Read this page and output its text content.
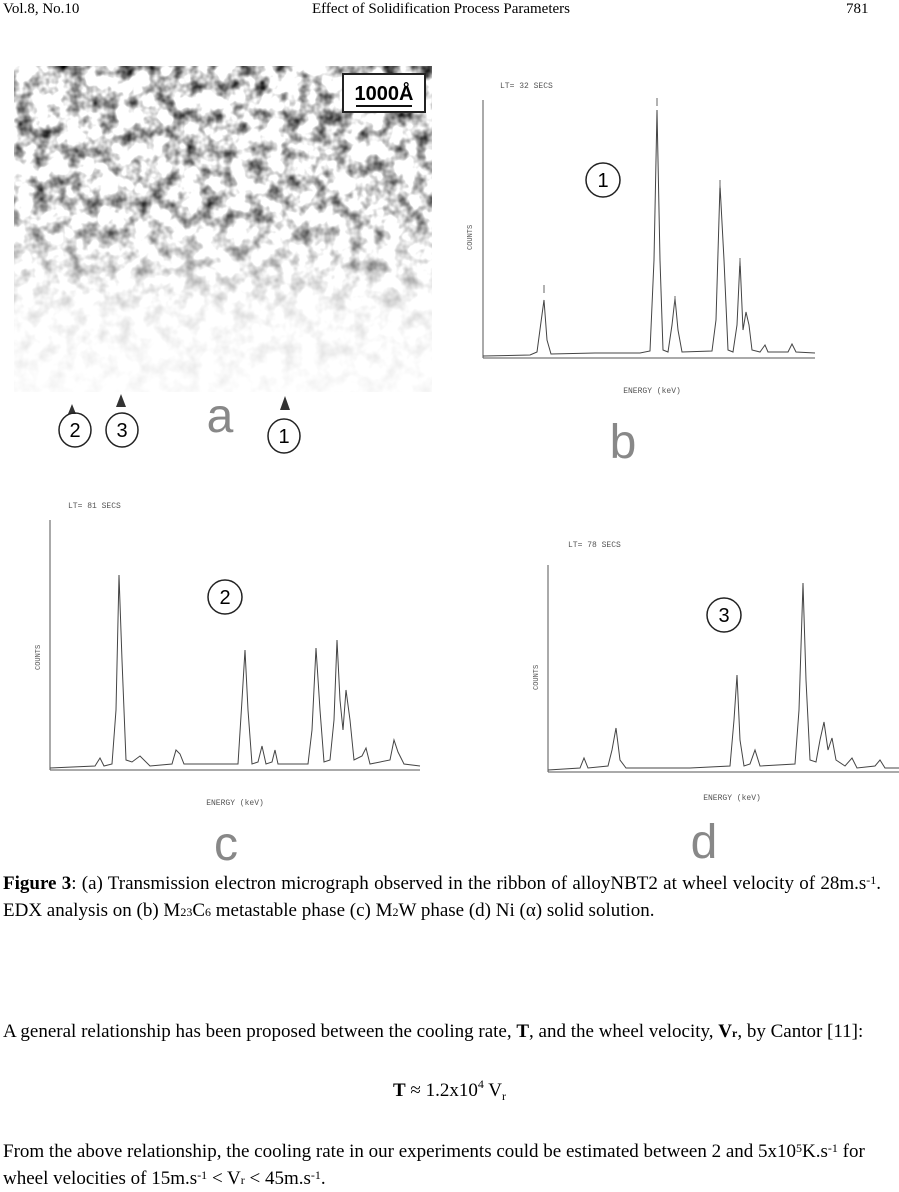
Vol.8, No.10	Effect of Solidification Process Parameters	781
1000Å
2 3	1
a
LT= 32 SECS
COUNTS
ENERGY (keV)
1
b
LT= 81 SECS
COUNTS
ENERGY (keV)
2
c
LT= 78 SECS
COUNTS
ENERGY (keV)
3
d
Figure 3: (a) Transmission electron micrograph observed in the ribbon of alloyNBT2 at wheel velocity of $28m.s^{-1}$. EDX analysis on (b) $M_{23}C_6$ metastable phase (c) $M_2W$ phase (d) Ni (α) solid solution.
A general relationship has been proposed between the cooling rate, T, and the wheel velocity, $V_r$, by Cantor [11]:
$T \approx 1.2x10^4$ $V_r$
From the above relationship, the cooling rate in our experiments could be estimated between 2 and $5x10^5K.s^{-1}$ for wheel velocities of $15m.s^{-1} < V_r < 45m.s^{-1}$.
